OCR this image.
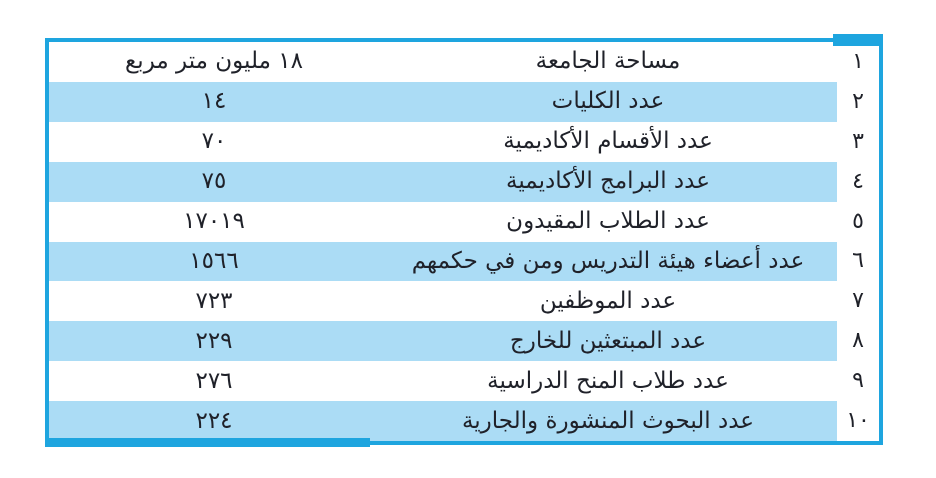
١
مساحة الجامعة
١٨ مليون متر مربع
٢
عدد الكليات
١٤
٣
عدد الأقسام الأكاديمية
٧٠
٤
عدد البرامج الأكاديمية
٧٥
٥
عدد الطلاب المقيدون
١٧٠١٩
٦
عدد أعضاء هيئة التدريس ومن في حكمهم
١٥٦٦
٧
عدد الموظفين
٧٢٣
٨
عدد المبتعثين للخارج
٢٢٩
٩
عدد طلاب المنح الدراسية
٢٧٦
١٠
عدد البحوث المنشورة والجارية
٢٢٤
